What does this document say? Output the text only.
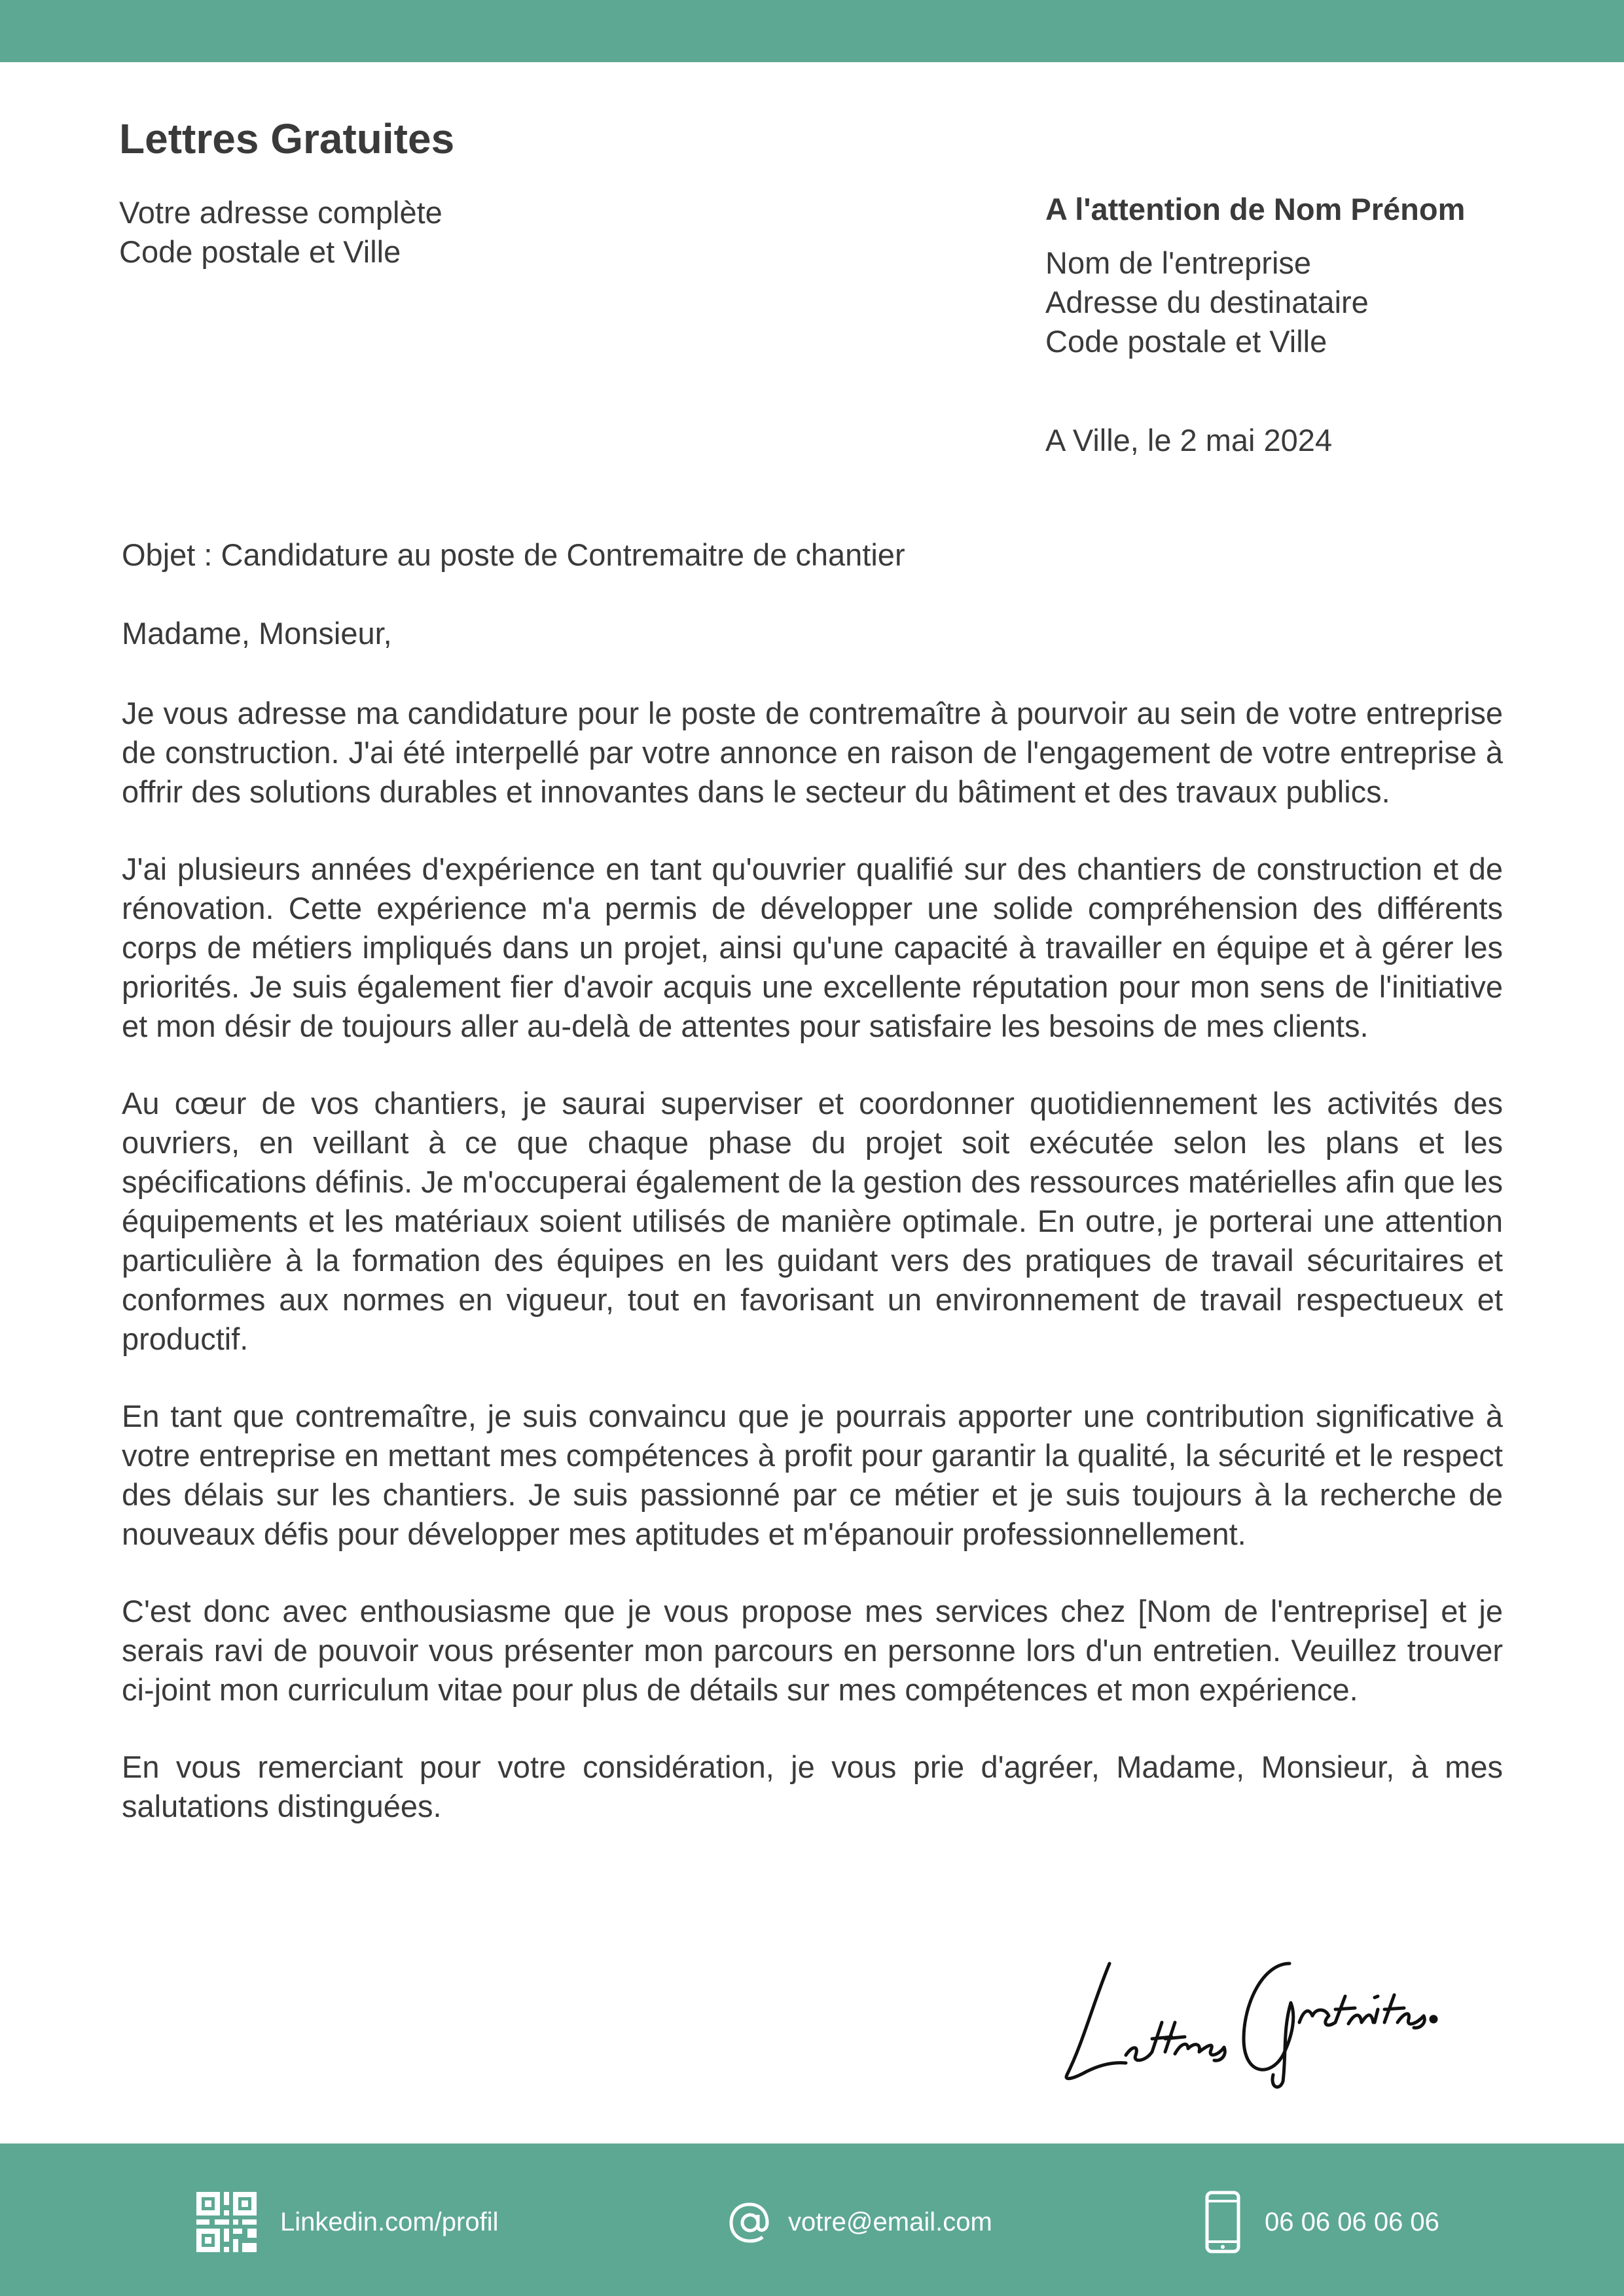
Lettres Gratuites
Votre adresse complète
Code postale et Ville
A l'attention de Nom Prénom
Nom de l'entreprise
Adresse du destinataire
Code postale et Ville
A Ville, le 2 mai 2024
Objet : Candidature au poste de Contremaitre de chantier
Madame, Monsieur,

Je vous adresse ma candidature pour le poste de contremaître à pourvoir au sein de votre entreprise de construction. J'ai été interpellé par votre annonce en raison de l'engagement de votre entreprise à offrir des solutions durables et innovantes dans le secteur du bâtiment et des travaux publics.

J'ai plusieurs années d'expérience en tant qu'ouvrier qualifié sur des chantiers de construction et de rénovation. Cette expérience m'a permis de développer une solide compréhension des différents corps de métiers impliqués dans un projet, ainsi qu'une capacité à travailler en équipe et à gérer les priorités. Je suis également fier d'avoir acquis une excellente réputation pour mon sens de l'initiative et mon désir de toujours aller au-delà de attentes pour satisfaire les besoins de mes clients.

Au cœur de vos chantiers, je saurai superviser et coordonner quotidiennement les activités des ouvriers, en veillant à ce que chaque phase du projet soit exécutée selon les plans et les spécifications définis. Je m'occuperai également de la gestion des ressources matérielles afin que les équipements et les matériaux soient utilisés de manière optimale. En outre, je porterai une attention particulière à la formation des équipes en les guidant vers des pratiques de travail sécuritaires et conformes aux normes en vigueur, tout en favorisant un environnement de travail respectueux et productif.

En tant que contremaître, je suis convaincu que je pourrais apporter une contribution significative à votre entreprise en mettant mes compétences à profit pour garantir la qualité, la sécurité et le respect des délais sur les chantiers. Je suis passionné par ce métier et je suis toujours à la recherche de nouveaux défis pour développer mes aptitudes et m'épanouir professionnellement.

C'est donc avec enthousiasme que je vous propose mes services chez [Nom de l'entreprise] et je serais ravi de pouvoir vous présenter mon parcours en personne lors d'un entretien. Veuillez trouver ci-joint mon curriculum vitae pour plus de détails sur mes compétences et mon expérience.

En vous remerciant pour votre considération, je vous prie d'agréer, Madame, Monsieur, à mes salutations distinguées.

Linkedin.com/profil	votre@email.com	06 06 06 06 06
